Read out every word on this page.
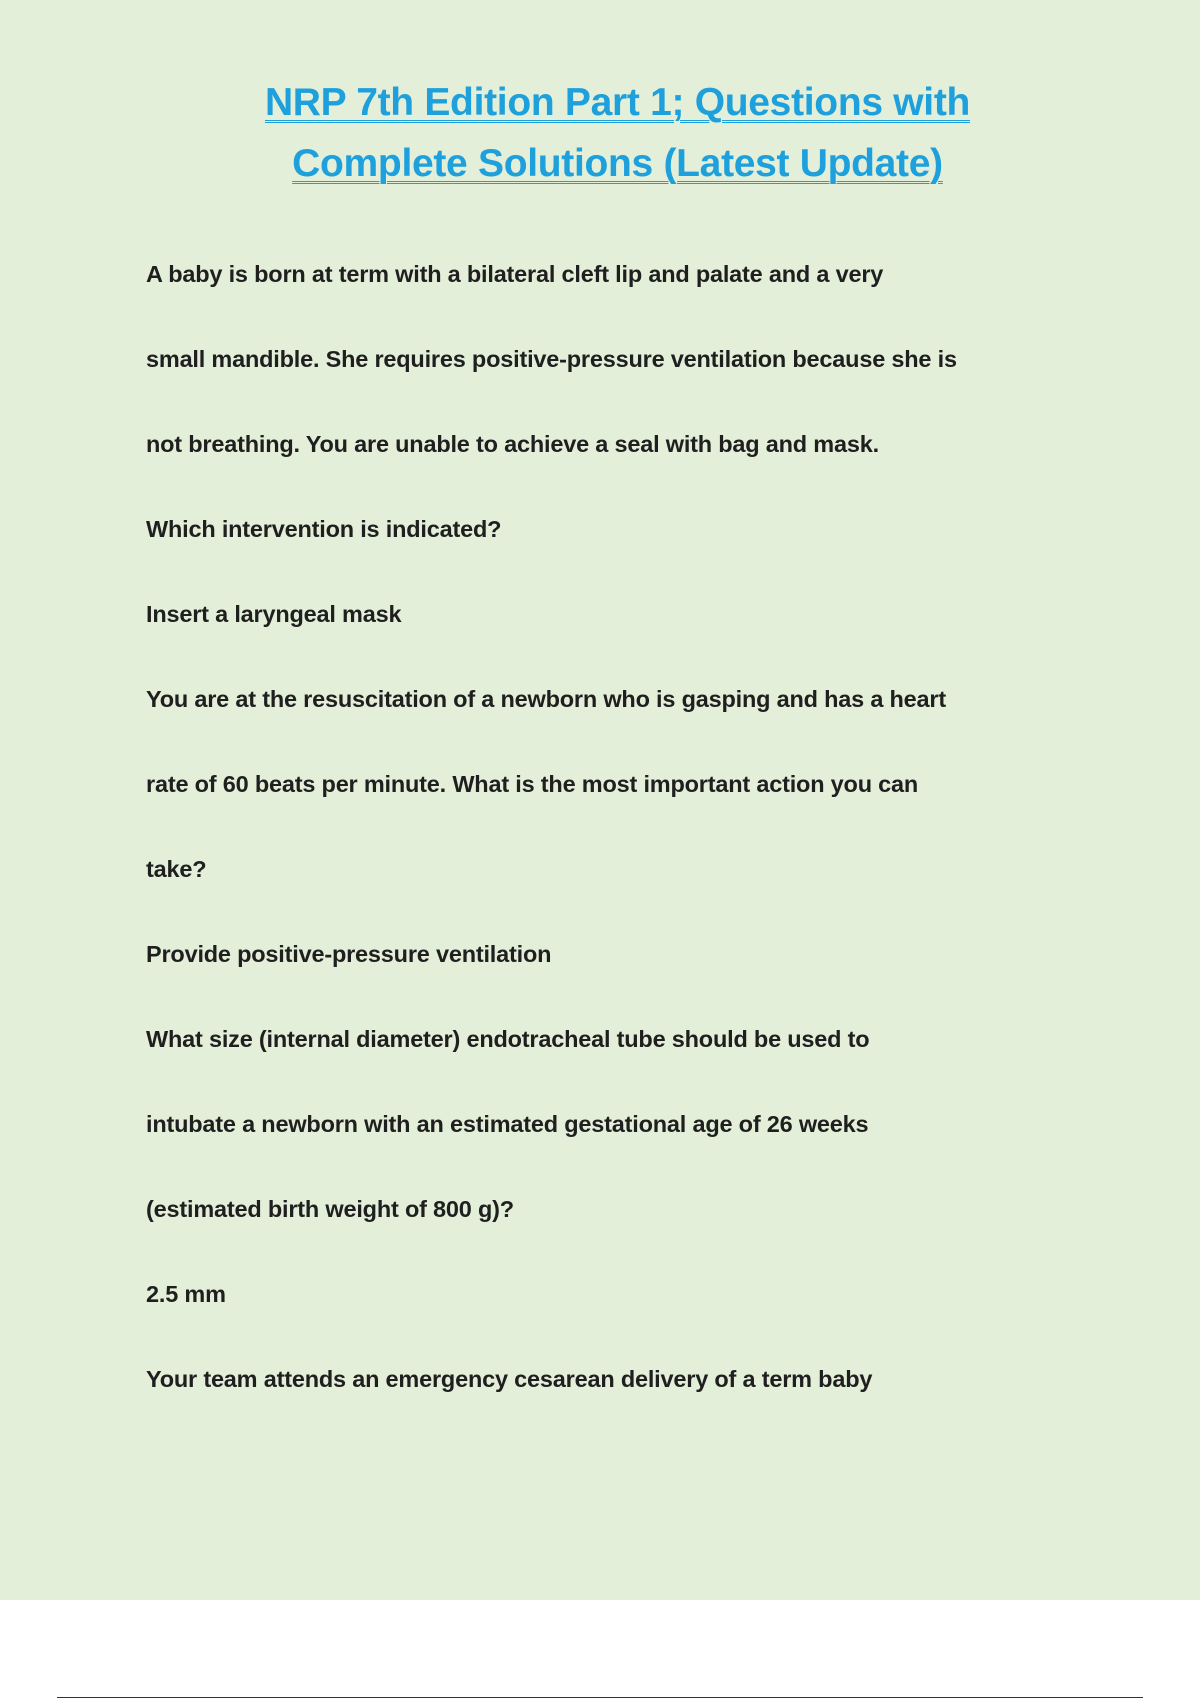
NRP 7th Edition Part 1; Questions with
Complete Solutions (Latest Update)

A baby is born at term with a bilateral cleft lip and palate and a very

small mandible. She requires positive-pressure ventilation because she is

not breathing. You are unable to achieve a seal with bag and mask.

Which intervention is indicated?

Insert a laryngeal mask

You are at the resuscitation of a newborn who is gasping and has a heart

rate of 60 beats per minute. What is the most important action you can

take?

Provide positive-pressure ventilation

What size (internal diameter) endotracheal tube should be used to

intubate a newborn with an estimated gestational age of 26 weeks

(estimated birth weight of 800 g)?

2.5 mm

Your team attends an emergency cesarean delivery of a term baby
